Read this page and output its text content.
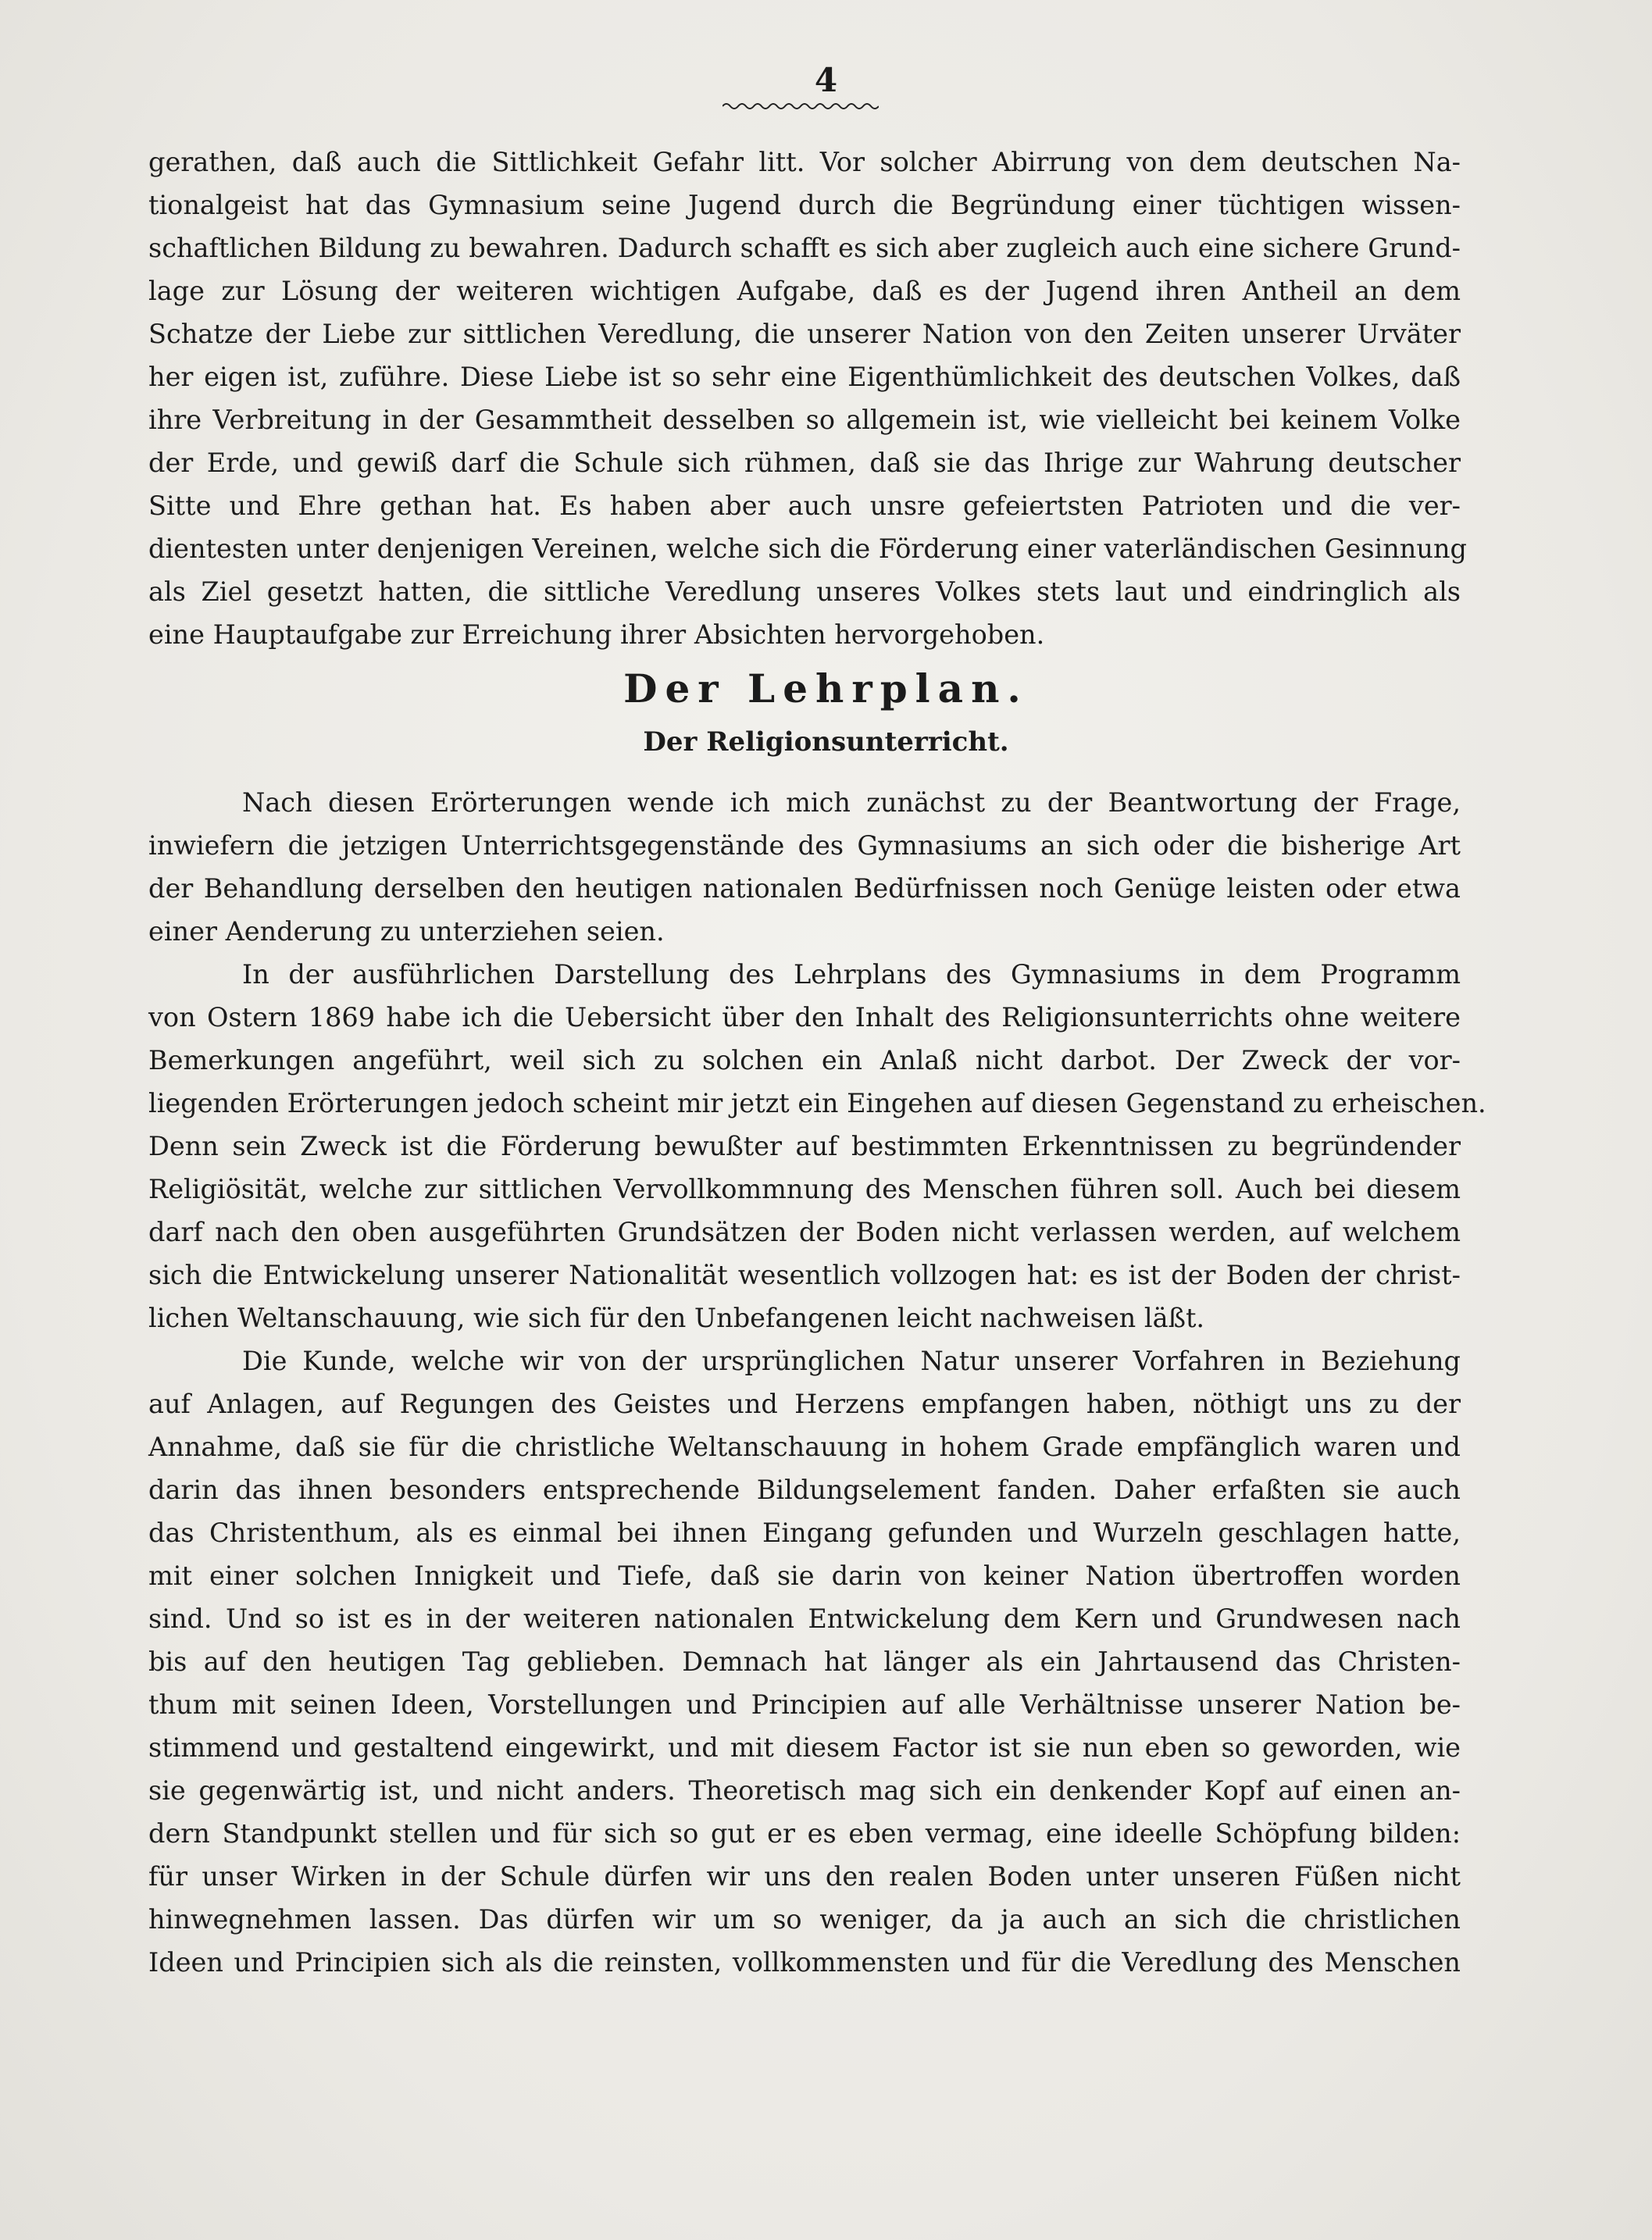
4
gerathen, daß auch die Sittlichkeit Gefahr litt. Vor solcher Abirrung von dem deutschen Na-
tionalgeist hat das Gymnasium seine Jugend durch die Begründung einer tüchtigen wissen-
schaftlichen Bildung zu bewahren. Dadurch schafft es sich aber zugleich auch eine sichere Grund-
lage zur Lösung der weiteren wichtigen Aufgabe, daß es der Jugend ihren Antheil an dem
Schatze der Liebe zur sittlichen Veredlung, die unserer Nation von den Zeiten unserer Urväter
her eigen ist, zuführe. Diese Liebe ist so sehr eine Eigenthümlichkeit des deutschen Volkes, daß
ihre Verbreitung in der Gesammtheit desselben so allgemein ist, wie vielleicht bei keinem Volke
der Erde, und gewiß darf die Schule sich rühmen, daß sie das Ihrige zur Wahrung deutscher
Sitte und Ehre gethan hat. Es haben aber auch unsre gefeiertsten Patrioten und die ver-
dientesten unter denjenigen Vereinen, welche sich die Förderung einer vaterländischen Gesinnung
als Ziel gesetzt hatten, die sittliche Veredlung unseres Volkes stets laut und eindringlich als
eine Hauptaufgabe zur Erreichung ihrer Absichten hervorgehoben.
Der Lehrplan.
Der Religionsunterricht.
Nach diesen Erörterungen wende ich mich zunächst zu der Beantwortung der Frage,
inwiefern die jetzigen Unterrichtsgegenstände des Gymnasiums an sich oder die bisherige Art
der Behandlung derselben den heutigen nationalen Bedürfnissen noch Genüge leisten oder etwa
einer Aenderung zu unterziehen seien.
In der ausführlichen Darstellung des Lehrplans des Gymnasiums in dem Programm
von Ostern 1869 habe ich die Uebersicht über den Inhalt des Religionsunterrichts ohne weitere
Bemerkungen angeführt, weil sich zu solchen ein Anlaß nicht darbot. Der Zweck der vor-
liegenden Erörterungen jedoch scheint mir jetzt ein Eingehen auf diesen Gegenstand zu erheischen.
Denn sein Zweck ist die Förderung bewußter auf bestimmten Erkenntnissen zu begründender
Religiösität, welche zur sittlichen Vervollkommnung des Menschen führen soll. Auch bei diesem
darf nach den oben ausgeführten Grundsätzen der Boden nicht verlassen werden, auf welchem
sich die Entwickelung unserer Nationalität wesentlich vollzogen hat: es ist der Boden der christ-
lichen Weltanschauung, wie sich für den Unbefangenen leicht nachweisen läßt.
Die Kunde, welche wir von der ursprünglichen Natur unserer Vorfahren in Beziehung
auf Anlagen, auf Regungen des Geistes und Herzens empfangen haben, nöthigt uns zu der
Annahme, daß sie für die christliche Weltanschauung in hohem Grade empfänglich waren und
darin das ihnen besonders entsprechende Bildungselement fanden. Daher erfaßten sie auch
das Christenthum, als es einmal bei ihnen Eingang gefunden und Wurzeln geschlagen hatte,
mit einer solchen Innigkeit und Tiefe, daß sie darin von keiner Nation übertroffen worden
sind. Und so ist es in der weiteren nationalen Entwickelung dem Kern und Grundwesen nach
bis auf den heutigen Tag geblieben. Demnach hat länger als ein Jahrtausend das Christen-
thum mit seinen Ideen, Vorstellungen und Principien auf alle Verhältnisse unserer Nation be-
stimmend und gestaltend eingewirkt, und mit diesem Factor ist sie nun eben so geworden, wie
sie gegenwärtig ist, und nicht anders. Theoretisch mag sich ein denkender Kopf auf einen an-
dern Standpunkt stellen und für sich so gut er es eben vermag, eine ideelle Schöpfung bilden:
für unser Wirken in der Schule dürfen wir uns den realen Boden unter unseren Füßen nicht
hinwegnehmen lassen. Das dürfen wir um so weniger, da ja auch an sich die christlichen
Ideen und Principien sich als die reinsten, vollkommensten und für die Veredlung des Menschen
